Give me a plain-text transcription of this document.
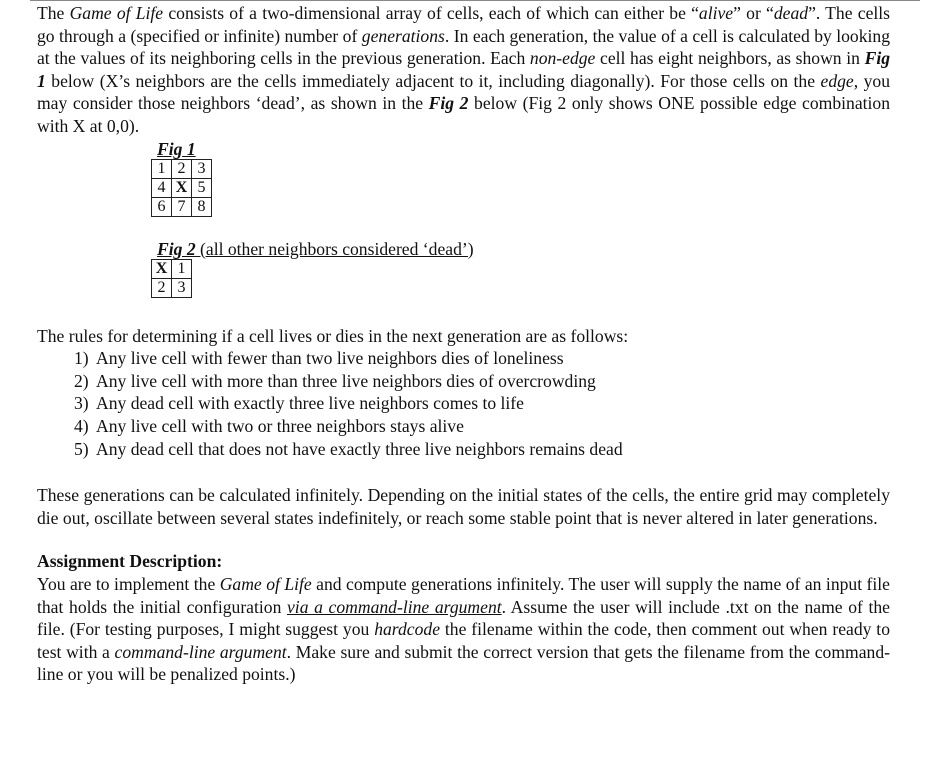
The Game of Life consists of a two-dimensional array of cells, each of which can either be “alive” or “dead”. The cells go through a (specified or infinite) number of generations. In each generation, the value of a cell is calculated by looking at the values of its neighboring cells in the previous generation. Each non-edge cell has eight neighbors, as shown in Fig 1 below (X’s neighbors are the cells immediately adjacent to it, including diagonally). For those cells on the edge, you may consider those neighbors ‘dead’, as shown in the Fig 2 below (Fig 2 only shows ONE possible edge combination with X at 0,0).

Fig 1
1	2	3
4	X	5
6	7	8
Fig 2 (all other neighbors considered ‘dead’)
X	1
2	3

The rules for determining if a cell lives or dies in the next generation are as follows:

1) Any live cell with fewer than two live neighbors dies of loneliness
2) Any live cell with more than three live neighbors dies of overcrowding
3) Any dead cell with exactly three live neighbors comes to life
4) Any live cell with two or three neighbors stays alive
5) Any dead cell that does not have exactly three live neighbors remains dead

These generations can be calculated infinitely. Depending on the initial states of the cells, the entire grid may completely die out, oscillate between several states indefinitely, or reach some stable point that is never altered in later generations.

Assignment Description:

You are to implement the Game of Life and compute generations infinitely. The user will supply the name of an input file that holds the initial configuration via a command-line argument. Assume the user will include .txt on the name of the file. (For testing purposes, I might suggest you hardcode the filename within the code, then comment out when ready to test with a command-line argument. Make sure and submit the correct version that gets the filename from the command-line or you will be penalized points.)
